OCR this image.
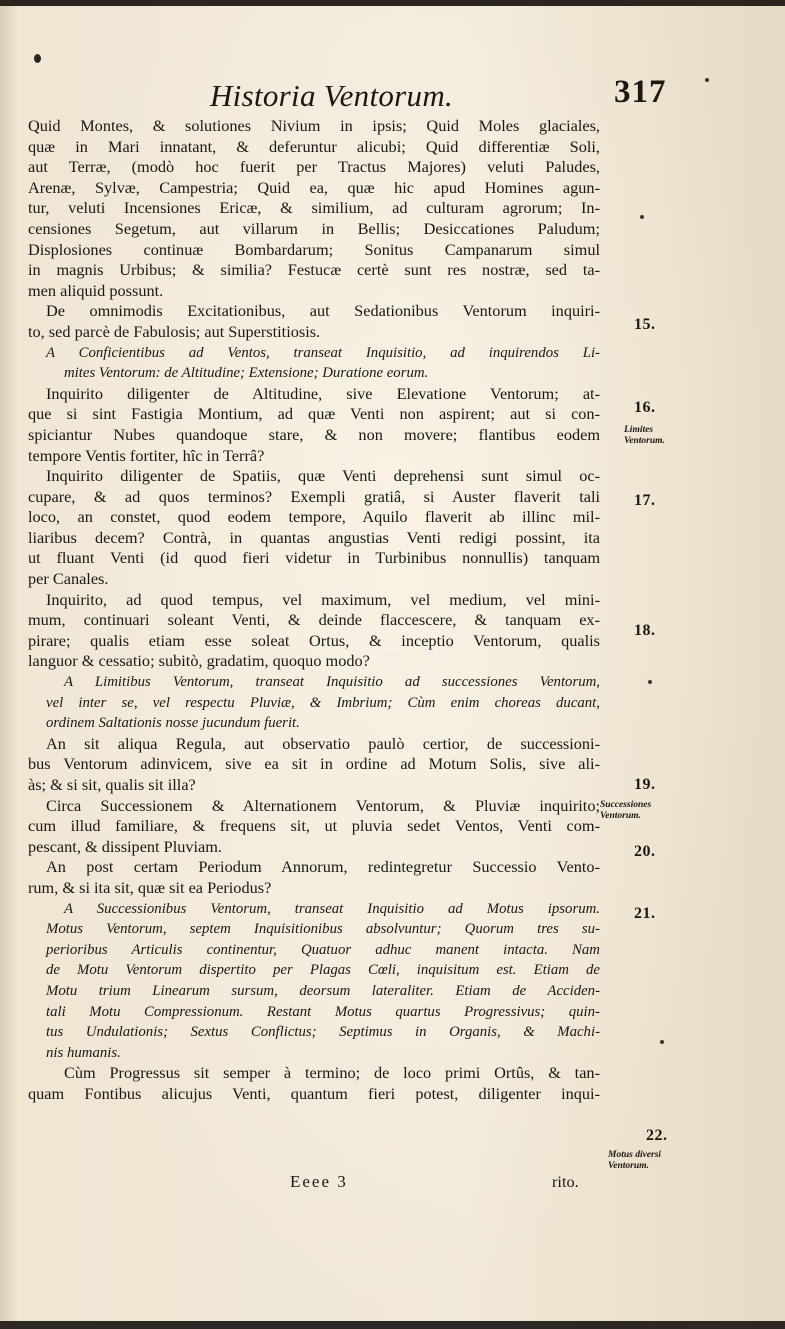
Historia Ventorum.	317
Quid Montes, & solutiones Nivium in ipsis; Quid Moles glaciales,
quæ in Mari innatant, & deferuntur alicubi; Quid differentiæ Soli,
aut Terræ, (modò hoc fuerit per Tractus Majores) veluti Paludes,
Arenæ, Sylvæ, Campestria; Quid ea, quæ hic apud Homines agun-
tur, veluti Incensiones Ericæ, & similium, ad culturam agrorum; In-
censiones Segetum, aut villarum in Bellis; Desiccationes Paludum;
Displosiones continuæ Bombardarum; Sonitus Campanarum simul
in magnis Urbibus; & similia? Festucæ certè sunt res nostræ, sed ta-
men aliquid possunt.
De omnimodis Excitationibus, aut Sedationibus Ventorum inquiri-
to, sed parcè de Fabulosis; aut Superstitiosis.
A Conficientibus ad Ventos, transeat Inquisitio, ad inquirendos Li-
mites Ventorum: de Altitudine; Extensione; Duratione eorum.
Inquirito diligenter de Altitudine, sive Elevatione Ventorum; at-
que si sint Fastigia Montium, ad quæ Venti non aspirent; aut si con-
spiciantur Nubes quandoque stare, & non movere; flantibus eodem
tempore Ventis fortiter, hîc in Terrâ?
Inquirito diligenter de Spatiis, quæ Venti deprehensi sunt simul oc-
cupare, & ad quos terminos? Exempli gratiâ, si Auster flaverit tali
loco, an constet, quod eodem tempore, Aquilo flaverit ab illinc mil-
liaribus decem? Contrà, in quantas angustias Venti redigi possint, ita
ut fluant Venti (id quod fieri videtur in Turbinibus nonnullis) tanquam
per Canales.
Inquirito, ad quod tempus, vel maximum, vel medium, vel mini-
mum, continuari soleant Venti, & deinde flaccescere, & tanquam ex-
pirare; qualis etiam esse soleat Ortus, & inceptio Ventorum, qualis
languor & cessatio; subitò, gradatim, quoquo modo?
A Limitibus Ventorum, transeat Inquisitio ad successiones Ventorum,
vel inter se, vel respectu Pluviæ, & Imbrium; Cùm enim choreas ducant,
ordinem Saltationis nosse jucundum fuerit.
An sit aliqua Regula, aut observatio paulò certior, de successioni-
bus Ventorum adinvicem, sive ea sit in ordine ad Motum Solis, sive ali-
às; & si sit, qualis sit illa?
Circa Successionem & Alternationem Ventorum, & Pluviæ inquirito;
cum illud familiare, & frequens sit, ut pluvia sedet Ventos, Venti com-
pescant, & dissipent Pluviam.
An post certam Periodum Annorum, redintegretur Successio Vento-
rum, & si ita sit, quæ sit ea Periodus?
A Successionibus Ventorum, transeat Inquisitio ad Motus ipsorum.
Motus Ventorum, septem Inquisitionibus absolvuntur; Quorum tres su-
perioribus Articulis continentur, Quatuor adhuc manent intacta. Nam
de Motu Ventorum dispertito per Plagas Cœli, inquisitum est. Etiam de
Motu trium Linearum sursum, deorsum lateraliter. Etiam de Acciden-
tali Motu Compressionum. Restant Motus quartus Progressivus; quin-
tus Undulationis; Sextus Conflictus; Septimus in Organis, & Machi-
nis humanis.
Cùm Progressus sit semper à termino; de loco primi Ortûs, & tan-
quam Fontibus alicujus Venti, quantum fieri potest, diligenter inqui-
15.
16.
17.
18.
19.
20.
21.
22.
Limites Ventorum.
Successiones Ventorum.
Motus diversi Ventorum.
Eeee 3	rito.
